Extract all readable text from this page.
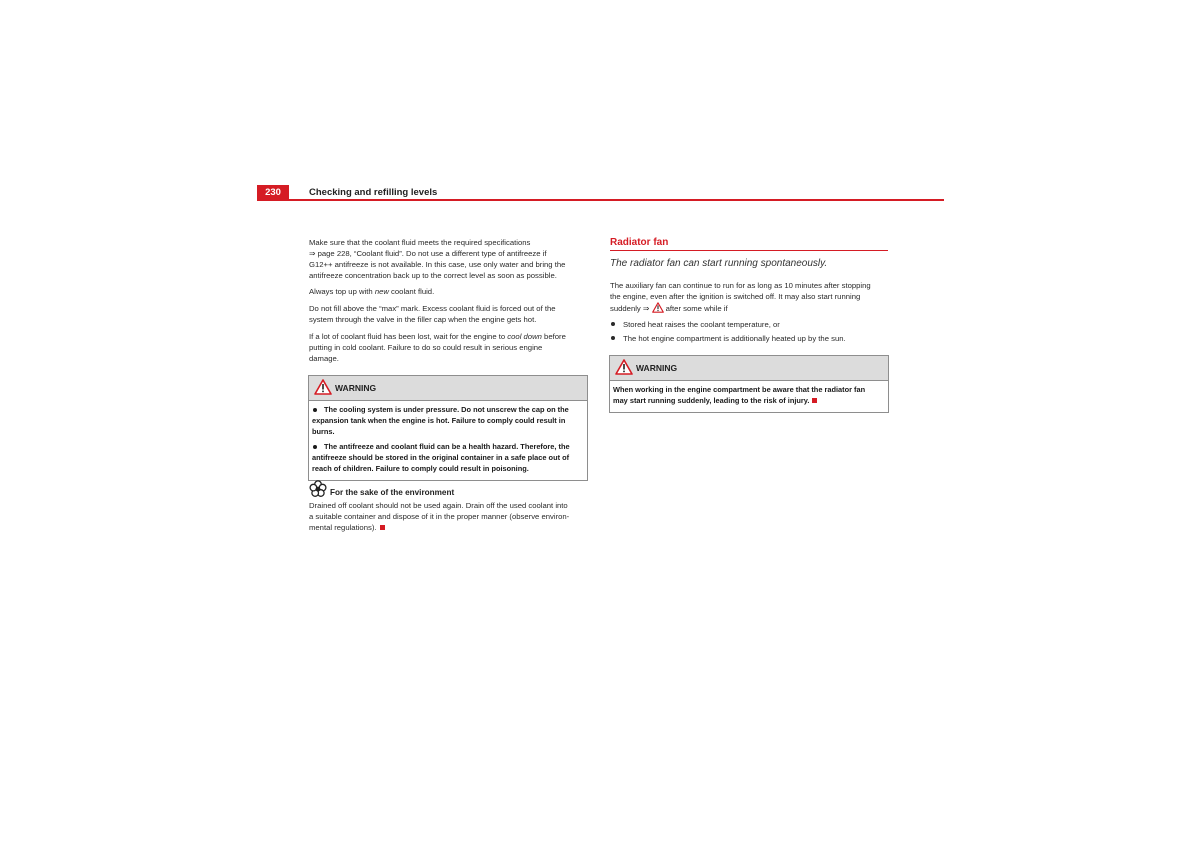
230	Checking and refilling levels
Make sure that the coolant fluid meets the required specifications
⇒ page 228, “Coolant fluid”. Do not use a different type of antifreeze if
G12++ antifreeze is not available. In this case, use only water and bring the
antifreeze concentration back up to the correct level as soon as possible.
Always top up with new coolant fluid.
Do not fill above the “max” mark. Excess coolant fluid is forced out of the
system through the valve in the filler cap when the engine gets hot.
If a lot of coolant fluid has been lost, wait for the engine to cool down before
putting in cold coolant. Failure to do so could result in serious engine
damage.
WARNING

The cooling system is under pressure. Do not unscrew the cap on the
expansion tank when the engine is hot. Failure to comply could result in
burns.

The antifreeze and coolant fluid can be a health hazard. Therefore, the
antifreeze should be stored in the original container in a safe place out of
reach of children. Failure to comply could result in poisoning.

For the sake of the environment
Drained off coolant should not be used again. Drain off the used coolant into
a suitable container and dispose of it in the proper manner (observe environ-
mental regulations).
Radiator fan
The radiator fan can start running spontaneously.
The auxiliary fan can continue to run for as long as 10 minutes after stopping
the engine, even after the ignition is switched off. It may also start running
suddenly ⇒  after some while if
Stored heat raises the coolant temperature, or
The hot engine compartment is additionally heated up by the sun.
WARNING

When working in the engine compartment be aware that the radiator fan
may start running suddenly, leading to the risk of injury.
